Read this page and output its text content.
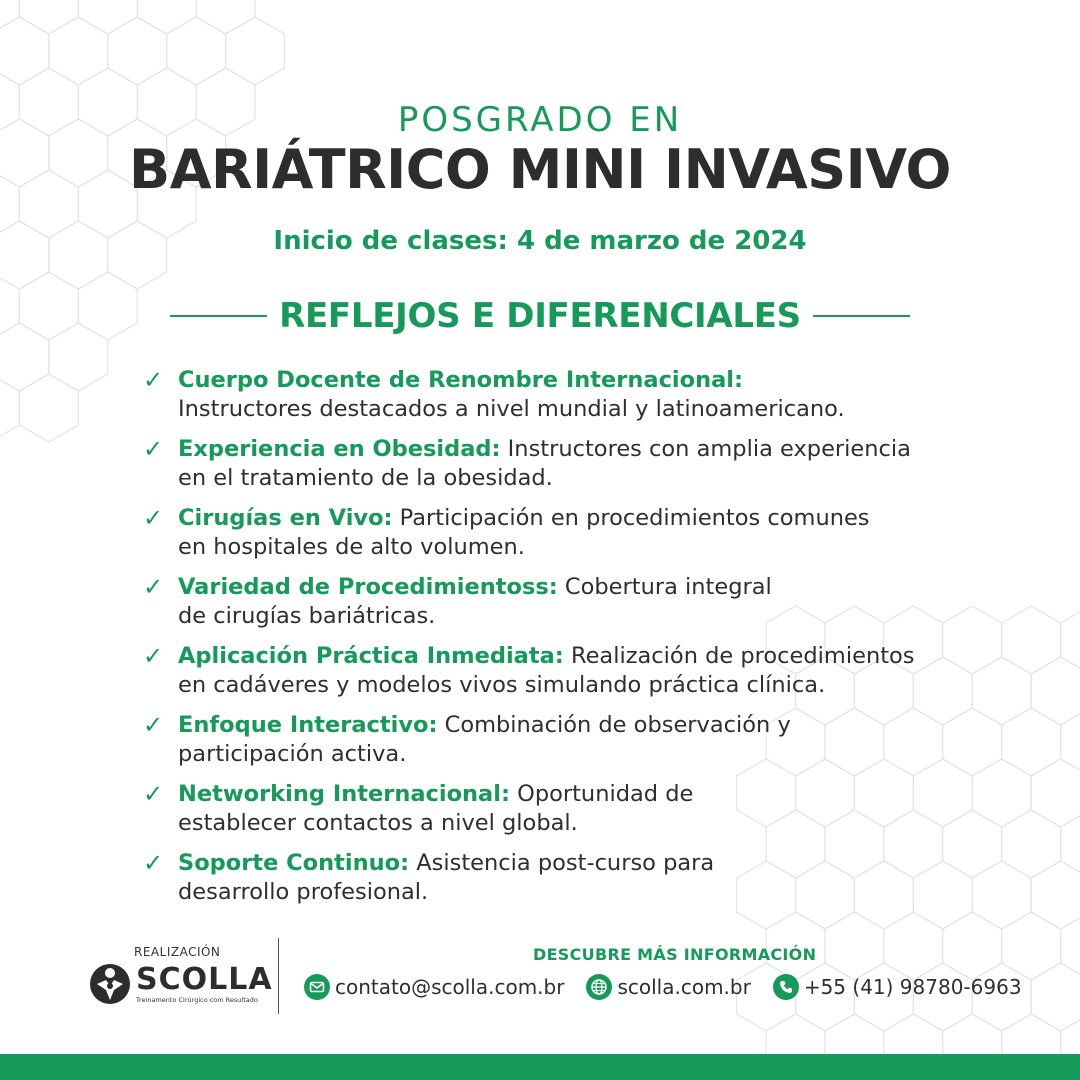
POSGRADO EN
BARIÁTRICO MINI INVASIVO
Inicio de clases: 4 de marzo de 2024
REFLEJOS E DIFERENCIALES
✓ Cuerpo Docente de Renombre Internacional:
Instructores destacados a nivel mundial y latinoamericano.
✓ Experiencia en Obesidad: Instructores con amplia experiencia
en el tratamiento de la obesidad.
✓ Cirugías en Vivo: Participación en procedimientos comunes
en hospitales de alto volumen.
✓ Variedad de Procedimientoss: Cobertura integral
de cirugías bariátricas.
✓ Aplicación Práctica Inmediata: Realización de procedimientos
en cadáveres y modelos vivos simulando práctica clínica.
✓ Enfoque Interactivo: Combinación de observación y
participación activa.
✓ Networking Internacional: Oportunidad de
establecer contactos a nivel global.
✓ Soporte Continuo: Asistencia post-curso para
desarrollo profesional.
REALIZACIÓN
SCOLLA
Treinamento Cirúrgico com Resultado
DESCUBRE MÁS INFORMACIÓN
contato@scolla.com.br	scolla.com.br	+55 (41) 98780-6963
